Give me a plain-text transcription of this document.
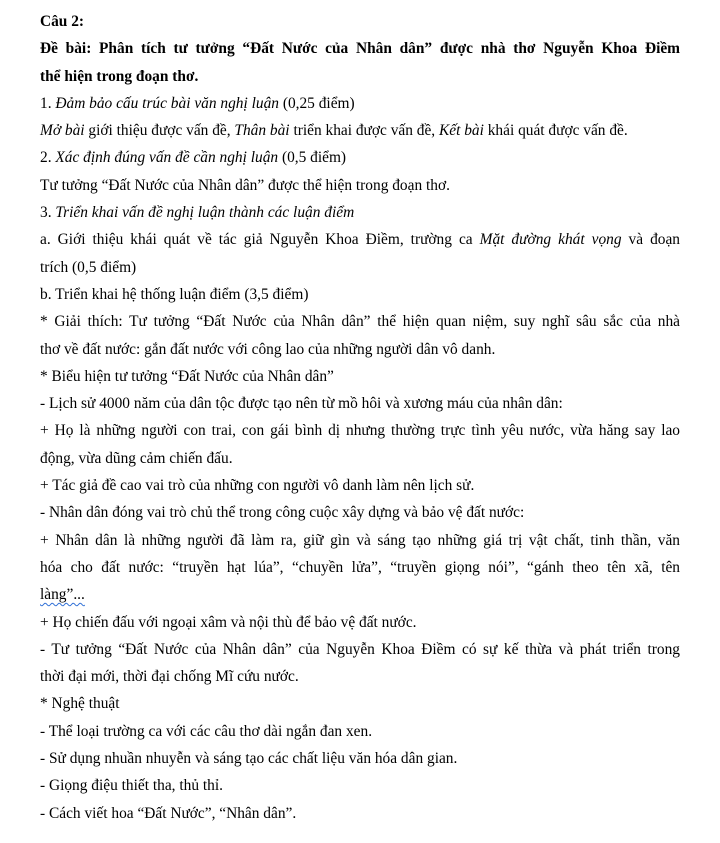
Câu 2:
Đề bài: Phân tích tư tưởng “Đất Nước của Nhân dân” được nhà thơ Nguyễn Khoa Điềm
thể hiện trong đoạn thơ.
1. Đảm bảo cấu trúc bài văn nghị luận (0,25 điểm)
Mở bài giới thiệu được vấn đề, Thân bài triển khai được vấn đề, Kết bài khái quát được vấn đề.
2. Xác định đúng vấn đề cần nghị luận (0,5 điểm)
Tư tưởng “Đất Nước của Nhân dân” được thể hiện trong đoạn thơ.
3. Triển khai vấn đề nghị luận thành các luận điểm
a. Giới thiệu khái quát về tác giả Nguyễn Khoa Điềm, trường ca Mặt đường khát vọng và đoạn
trích (0,5 điểm)
b. Triển khai hệ thống luận điểm (3,5 điểm)
* Giải thích: Tư tưởng “Đất Nước của Nhân dân” thể hiện quan niệm, suy nghĩ sâu sắc của nhà
thơ về đất nước: gắn đất nước với công lao của những người dân vô danh.
* Biểu hiện tư tưởng “Đất Nước của Nhân dân”
- Lịch sử 4000 năm của dân tộc được tạo nên từ mồ hôi và xương máu của nhân dân:
+ Họ là những người con trai, con gái bình dị nhưng thường trực tình yêu nước, vừa hăng say lao
động, vừa dũng cảm chiến đấu.
+ Tác giả đề cao vai trò của những con người vô danh làm nên lịch sử.
- Nhân dân đóng vai trò chủ thể trong công cuộc xây dựng và bảo vệ đất nước:
+ Nhân dân là những người đã làm ra, giữ gìn và sáng tạo những giá trị vật chất, tinh thần, văn
hóa cho đất nước: “truyền hạt lúa”, “chuyền lửa”, “truyền giọng nói”, “gánh theo tên xã, tên
làng”...
+ Họ chiến đấu với ngoại xâm và nội thù để bảo vệ đất nước.
- Tư tưởng “Đất Nước của Nhân dân” của Nguyễn Khoa Điềm có sự kế thừa và phát triển trong
thời đại mới, thời đại chống Mĩ cứu nước.
* Nghệ thuật
- Thể loại trường ca với các câu thơ dài ngắn đan xen.
- Sử dụng nhuần nhuyễn và sáng tạo các chất liệu văn hóa dân gian.
- Giọng điệu thiết tha, thủ thỉ.
- Cách viết hoa “Đất Nước”, “Nhân dân”.
